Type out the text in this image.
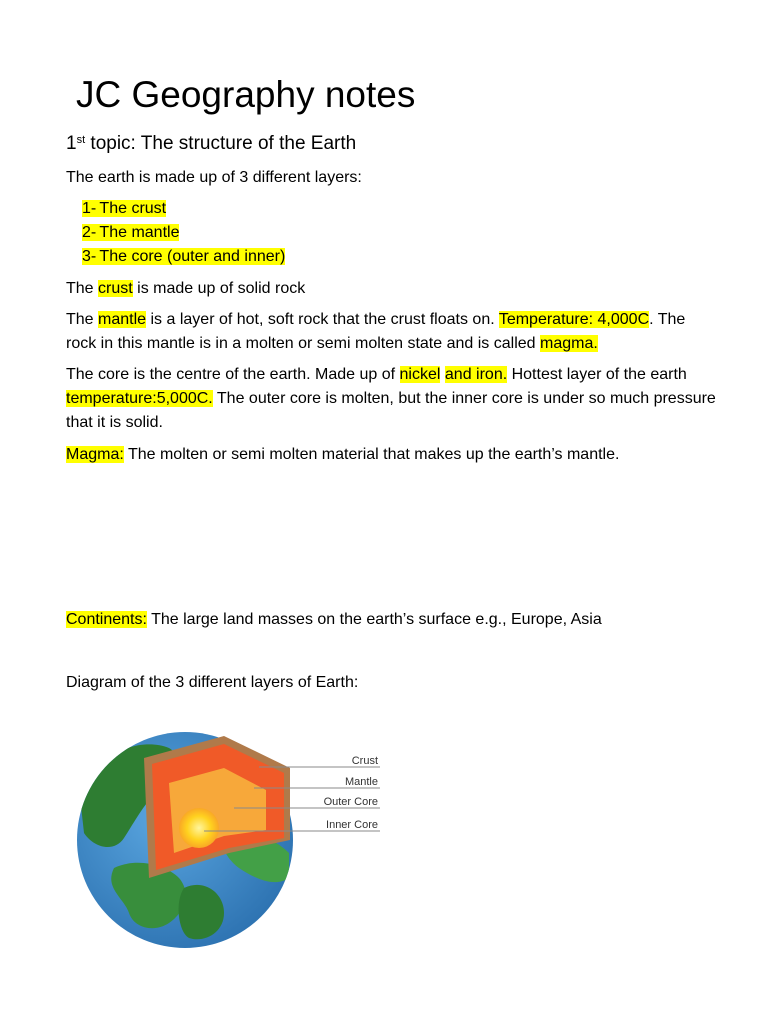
JC Geography notes
1st topic: The structure of the Earth
The earth is made up of 3 different layers:
1- The crust
2- The mantle
3- The core (outer and inner)
The crust is made up of solid rock
The mantle is a layer of hot, soft rock that the crust floats on. Temperature: 4,000C. The rock in this mantle is in a molten or semi molten state and is called magma.
The core is the centre of the earth. Made up of nickel and iron. Hottest layer of the earth temperature:5,000C. The outer core is molten, but the inner core is under so much pressure that it is solid.
Magma: The molten or semi molten material that makes up the earth’s mantle.
Continents: The large land masses on the earth’s surface e.g., Europe, Asia
Diagram of the 3 different layers of Earth:
Crust
Mantle
Outer Core
Inner Core
